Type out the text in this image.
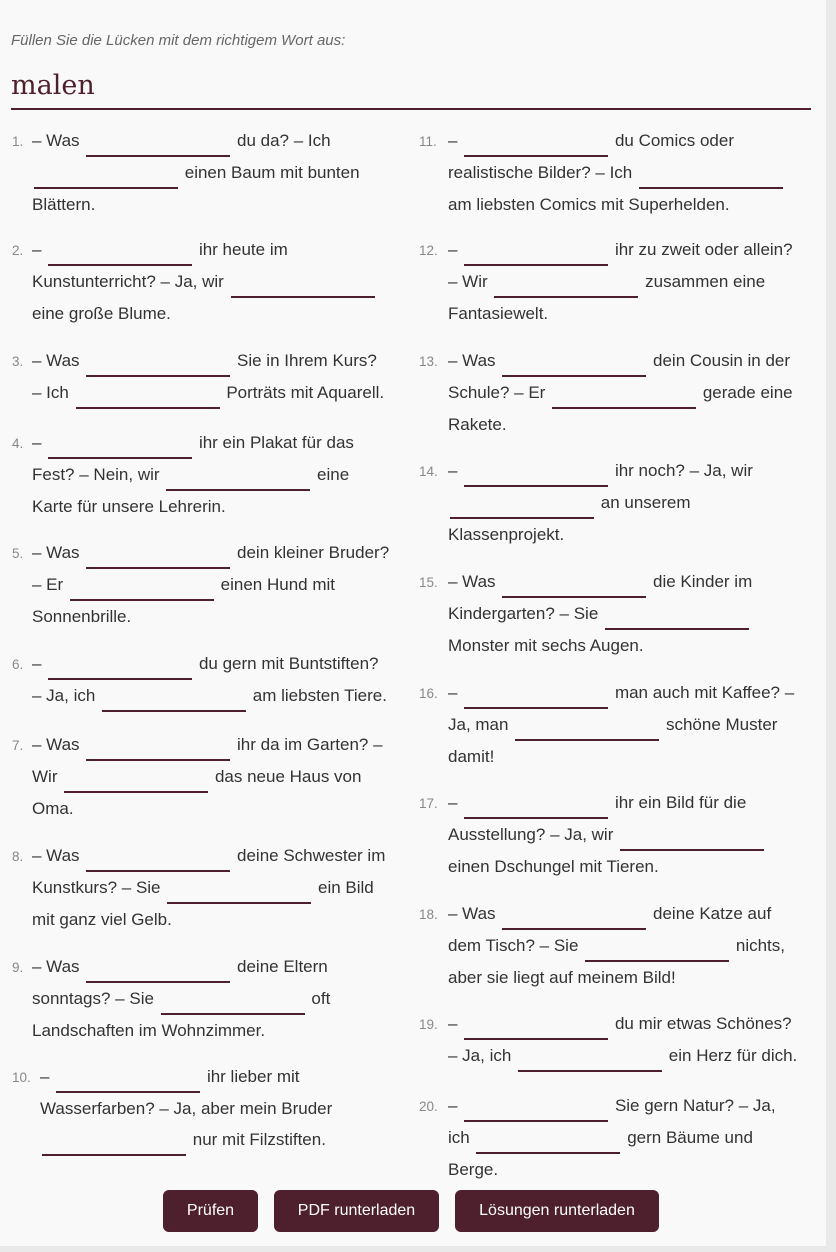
Füllen Sie die Lücken mit dem richtigem Wort aus:

malen
1. – Was	du da? – Ich  einen Baum mit bunten Blättern.
2. –	ihr heute im Kunstunterricht? – Ja, wir  eine große Blume.
3. – Was	Sie in Ihrem Kurs? – Ich	Porträts mit Aquarell.
4. –	ihr ein Plakat für das Fest? – Nein, wir	eine Karte für unsere Lehrerin.
5. – Was	dein kleiner Bruder? – Er	einen Hund mit Sonnenbrille.
6. –	du gern mit Buntstiften? – Ja, ich	am liebsten Tiere.
7. – Was	ihr da im Garten? – Wir	das neue Haus von Oma.
8. – Was	deine Schwester im Kunstkurs? – Sie	ein Bild mit ganz viel Gelb.
9. – Was	deine Eltern sonntags? – Sie	oft Landschaften im Wohnzimmer.
10. –	ihr lieber mit Wasserfarben? – Ja, aber mein Bruder  nur mit Filzstiften.
11. –	du Comics oder realistische Bilder? – Ich  am liebsten Comics mit Superhelden.
12. –	ihr zu zweit oder allein? – Wir	zusammen eine Fantasiewelt.
13. – Was	dein Cousin in der Schule? – Er	gerade eine Rakete.
14. –	ihr noch? – Ja, wir  an unserem Klassenprojekt.
15. – Was	die Kinder im Kindergarten? – Sie  Monster mit sechs Augen.
16. –	man auch mit Kaffee? – Ja, man	schöne Muster damit!
17. –	ihr ein Bild für die Ausstellung? – Ja, wir  einen Dschungel mit Tieren.
18. – Was	deine Katze auf dem Tisch? – Sie	nichts, aber sie liegt auf meinem Bild!
19. –	du mir etwas Schönes? – Ja, ich	ein Herz für dich.
20. –	Sie gern Natur? – Ja, ich	gern Bäume und Berge.
Prüfen	PDF runterladen	Lösungen runterladen
